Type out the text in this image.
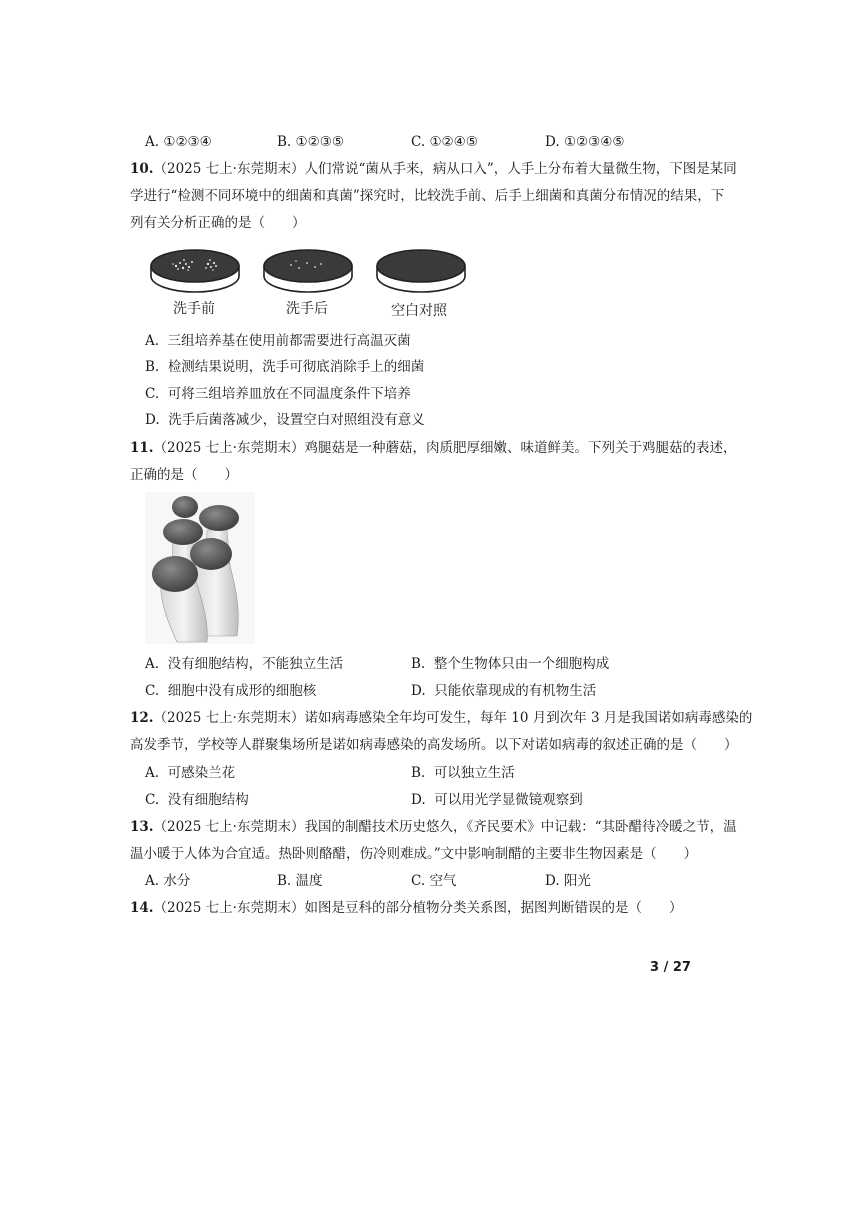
A. ①②③④	B. ①②③⑤	C. ①②④⑤	D. ①②③④⑤
10.（2025 七上·东莞期末）人们常说“菌从手来，病从口入”，人手上分布着大量微生物，下图是某同
学进行“检测不同环境中的细菌和真菌”探究时，比较洗手前、后手上细菌和真菌分布情况的结果，下
列有关分析正确的是（　　）
洗手前	洗手后	空白对照
A. 三组培养基在使用前都需要进行高温灭菌
B. 检测结果说明，洗手可彻底消除手上的细菌
C. 可将三组培养皿放在不同温度条件下培养
D. 洗手后菌落减少，设置空白对照组没有意义
11.（2025 七上·东莞期末）鸡腿菇是一种蘑菇，肉质肥厚细嫩、味道鲜美。下列关于鸡腿菇的表述，
正确的是（　　）
A. 没有细胞结构，不能独立生活	B. 整个生物体只由一个细胞构成
C. 细胞中没有成形的细胞核	D. 只能依靠现成的有机物生活
12.（2025 七上·东莞期末）诺如病毒感染全年均可发生，每年 10 月到次年 3 月是我国诺如病毒感染的
高发季节，学校等人群聚集场所是诺如病毒感染的高发场所。以下对诺如病毒的叙述正确的是（　　）
A. 可感染兰花	B. 可以独立生活
C. 没有细胞结构	D. 可以用光学显微镜观察到
13.（2025 七上·东莞期末）我国的制醋技术历史悠久，《齐民要术》中记载：“其卧醋待冷暖之节，温
温小暖于人体为合宜适。热卧则酪醋，伤冷则难成。”文中影响制醋的主要非生物因素是（　　）
A. 水分	B. 温度	C. 空气	D. 阳光
14.（2025 七上·东莞期末）如图是豆科的部分植物分类关系图，据图判断错误的是（　　）
3 / 27
